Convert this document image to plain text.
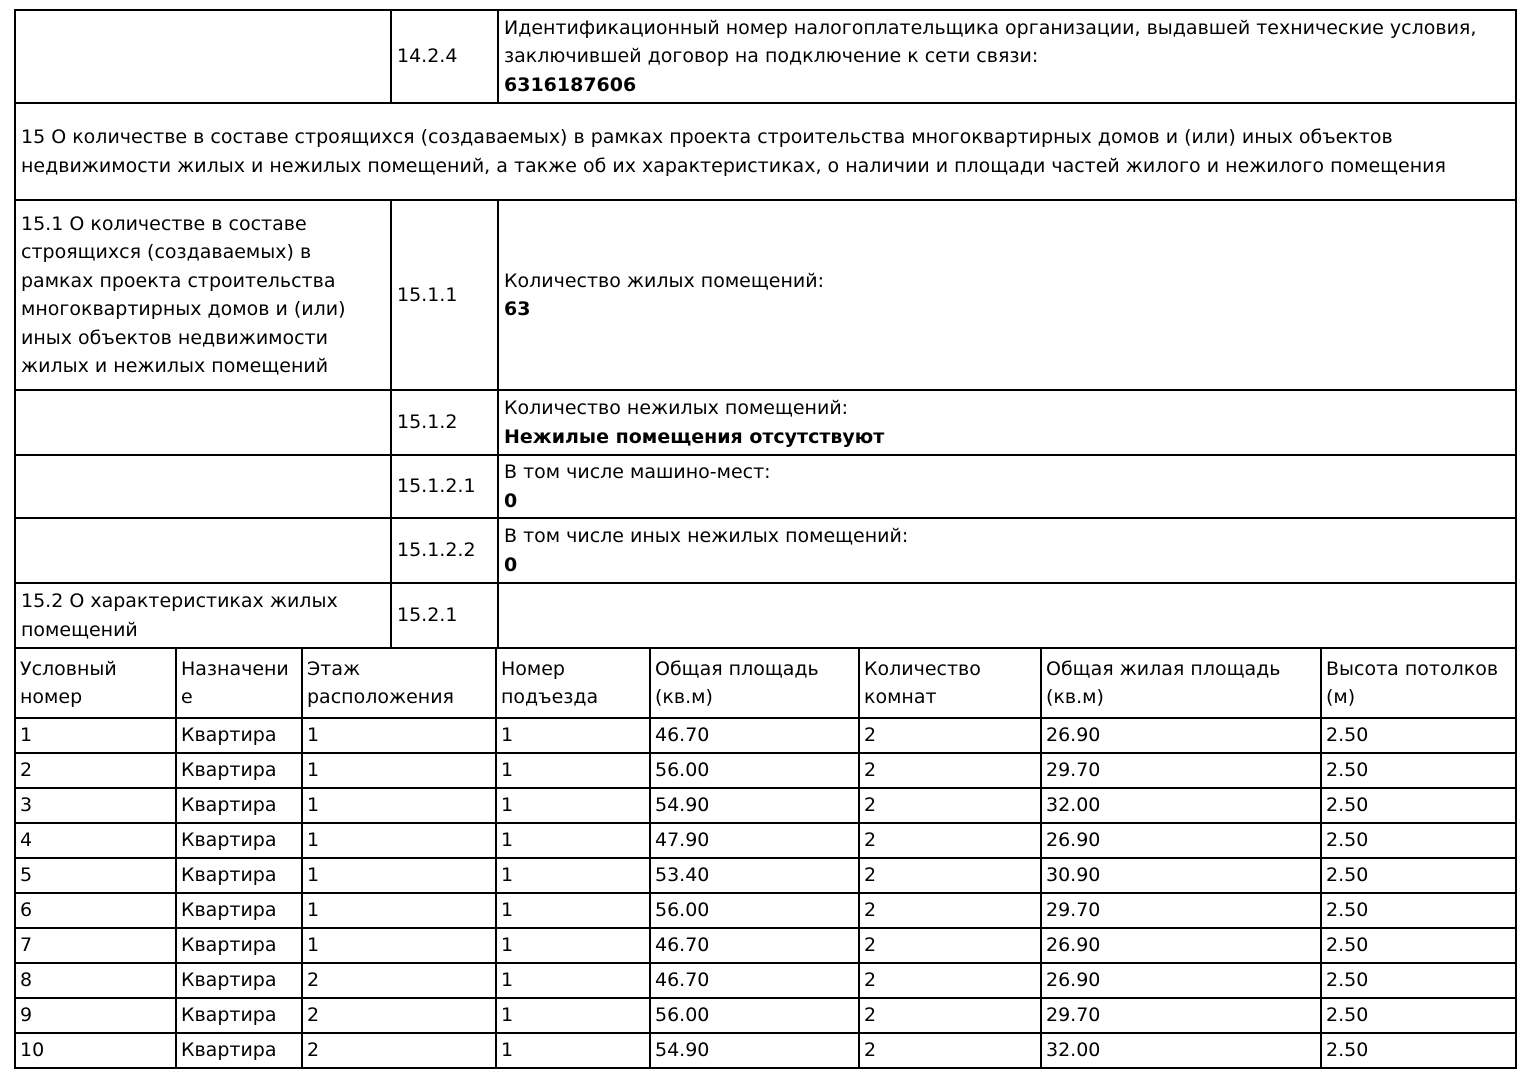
	14.2.4	Идентификационный номер налогоплательщика организации, выдавшей технические условия, заключившей договор на подключение к сети связи:
6316187606

15 О количестве в составе строящихся (создаваемых) в рамках проекта строительства многоквартирных домов и (или) иных объектов недвижимости жилых и нежилых помещений, а также об их характеристиках, о наличии и площади частей жилого и нежилого помещения		
15.1 О количестве в составе строящихся (создаваемых) в рамках проекта строительства многоквартирных домов и (или) иных объектов недвижимости жилых и нежилых помещений	15.1.1	Количество жилых помещений:
63

	15.1.2	Количество нежилых помещений:
Нежилые помещения отсутствуют

	15.1.2.1	В том числе машино-мест:
0

	15.1.2.2	В том числе иных нежилых помещений:
0

15.2 О характеристиках жилых помещений	15.2.1	
Условный номер	Назначение	Этаж расположения	Номер подъезда	Общая площадь (кв.м)	Количество комнат	Общая жилая площадь (кв.м)	Высота потолков (м)
1	Квартира	1	1	46.70	2	26.90	2.50
2	Квартира	1	1	56.00	2	29.70	2.50
3	Квартира	1	1	54.90	2	32.00	2.50
4	Квартира	1	1	47.90	2	26.90	2.50
5	Квартира	1	1	53.40	2	30.90	2.50
6	Квартира	1	1	56.00	2	29.70	2.50
7	Квартира	1	1	46.70	2	26.90	2.50
8	Квартира	2	1	46.70	2	26.90	2.50
9	Квартира	2	1	56.00	2	29.70	2.50
10	Квартира	2	1	54.90	2	32.00	2.50
